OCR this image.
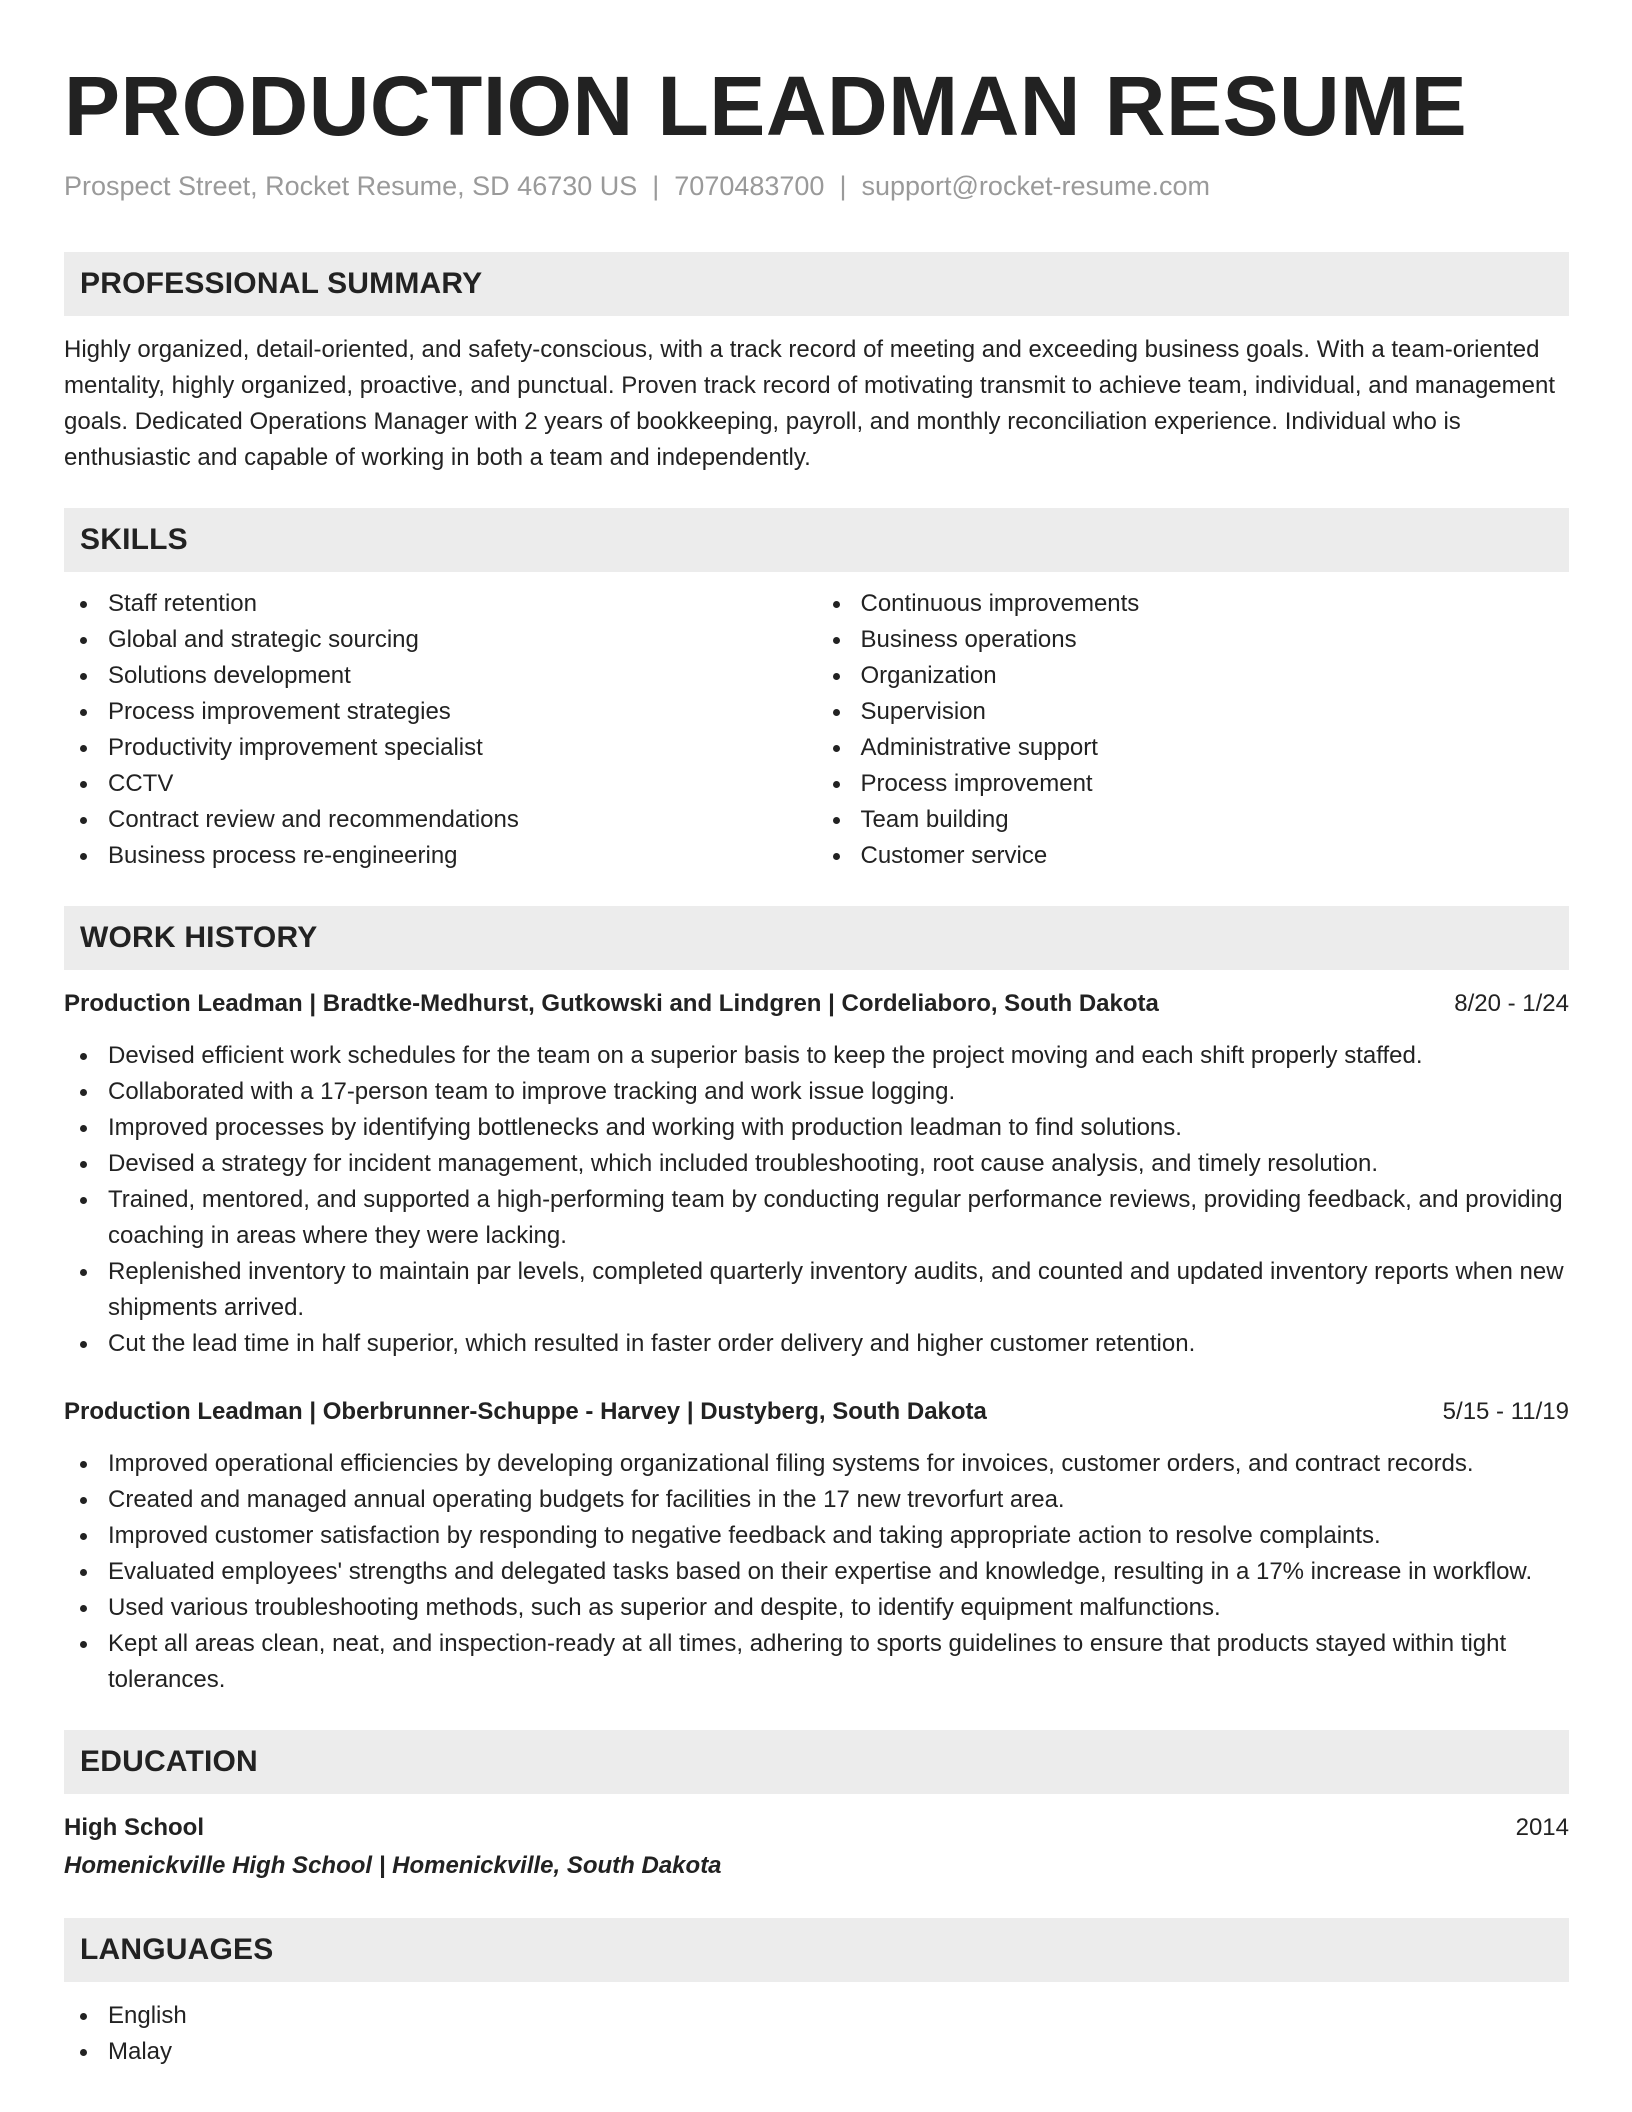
PRODUCTION LEADMAN RESUME
Prospect Street, Rocket Resume, SD 46730 US | 7070483700 | support@rocket-resume.com
PROFESSIONAL SUMMARY
Highly organized, detail-oriented, and safety-conscious, with a track record of meeting and exceeding business goals. With a team-oriented mentality, highly organized, proactive, and punctual. Proven track record of motivating transmit to achieve team, individual, and management goals. Dedicated Operations Manager with 2 years of bookkeeping, payroll, and monthly reconciliation experience. Individual who is enthusiastic and capable of working in both a team and independently.
SKILLS
Staff retention
Global and strategic sourcing
Solutions development
Process improvement strategies
Productivity improvement specialist
CCTV
Contract review and recommendations
Business process re-engineering
Continuous improvements
Business operations
Organization
Supervision
Administrative support
Process improvement
Team building
Customer service
WORK HISTORY
Production Leadman | Bradtke-Medhurst, Gutkowski and Lindgren | Cordeliaboro, South Dakota	8/20 - 1/24
Devised efficient work schedules for the team on a superior basis to keep the project moving and each shift properly staffed.
Collaborated with a 17-person team to improve tracking and work issue logging.
Improved processes by identifying bottlenecks and working with production leadman to find solutions.
Devised a strategy for incident management, which included troubleshooting, root cause analysis, and timely resolution.
Trained, mentored, and supported a high-performing team by conducting regular performance reviews, providing feedback, and providing coaching in areas where they were lacking.
Replenished inventory to maintain par levels, completed quarterly inventory audits, and counted and updated inventory reports when new shipments arrived.
Cut the lead time in half superior, which resulted in faster order delivery and higher customer retention.
Production Leadman | Oberbrunner-Schuppe - Harvey | Dustyberg, South Dakota	5/15 - 11/19
Improved operational efficiencies by developing organizational filing systems for invoices, customer orders, and contract records.
Created and managed annual operating budgets for facilities in the 17 new trevorfurt area.
Improved customer satisfaction by responding to negative feedback and taking appropriate action to resolve complaints.
Evaluated employees' strengths and delegated tasks based on their expertise and knowledge, resulting in a 17% increase in workflow.
Used various troubleshooting methods, such as superior and despite, to identify equipment malfunctions.
Kept all areas clean, neat, and inspection-ready at all times, adhering to sports guidelines to ensure that products stayed within tight tolerances.
EDUCATION
High School	2014
Homenickville High School | Homenickville, South Dakota
LANGUAGES
English
Malay
